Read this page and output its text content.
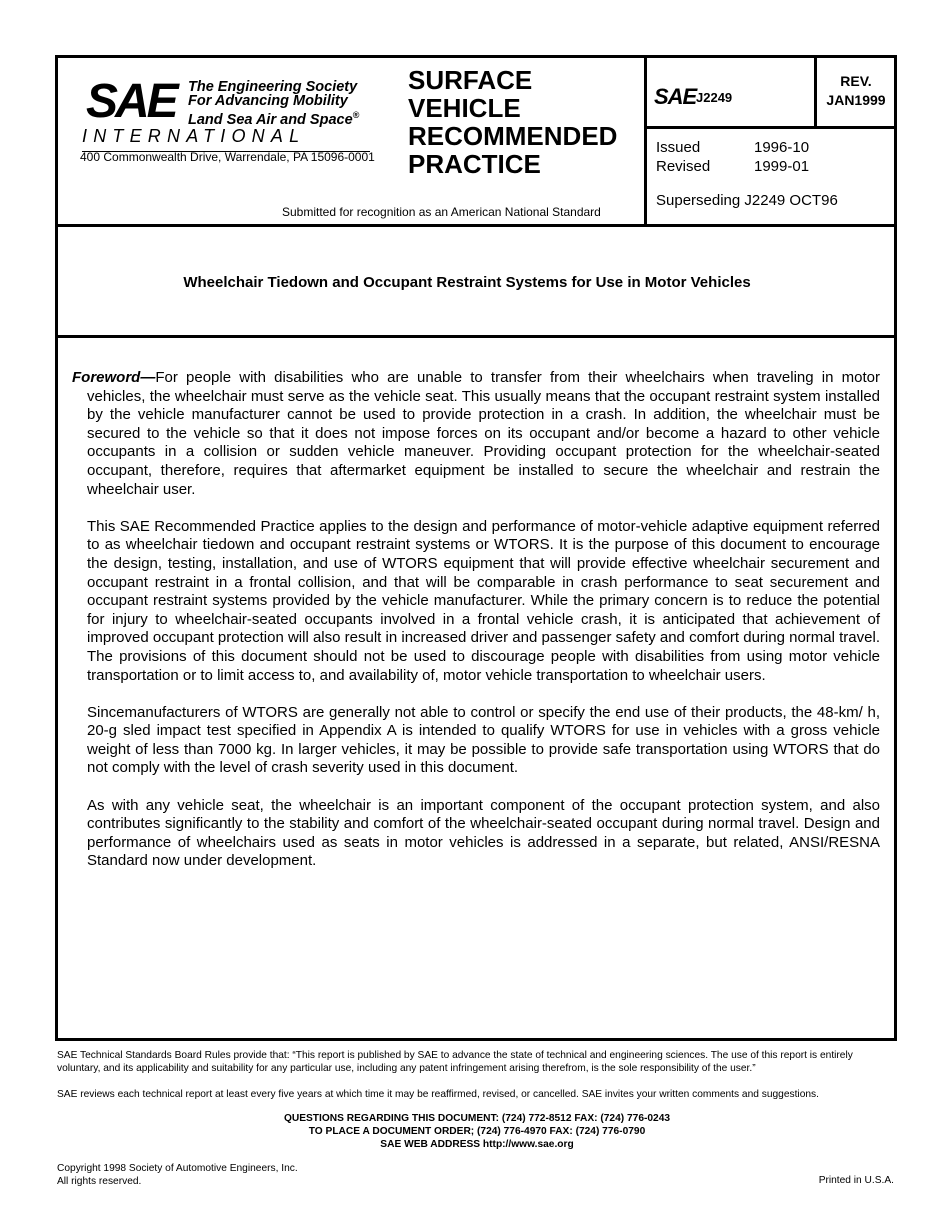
SAE The Engineering Society
For Advancing Mobility
Land Sea Air and Space®
INTERNATIONAL
400 Commonwealth Drive, Warrendale, PA 15096-0001
SURFACE
VEHICLE
RECOMMENDED
PRACTICE
Submitted for recognition as an American National Standard
SAE J2249
REV.
JAN1999
Issued	1996-10
Revised	1999-01
Superseding J2249 OCT96
Wheelchair Tiedown and Occupant Restraint Systems for Use in Motor Vehicles

Foreword—For people with disabilities who are unable to transfer from their wheelchairs when traveling in motor vehicles, the wheelchair must serve as the vehicle seat. This usually means that the occupant restraint system installed by the vehicle manufacturer cannot be used to provide protection in a crash. In addition, the wheelchair must be secured to the vehicle so that it does not impose forces on its occupant and/or become a hazard to other vehicle occupants in a collision or sudden vehicle maneuver. Providing occupant protection for the wheelchair-seated occupant, therefore, requires that aftermarket equipment be installed to secure the wheelchair and restrain the wheelchair user.

This SAE Recommended Practice applies to the design and performance of motor-vehicle adaptive equipment referred to as wheelchair tiedown and occupant restraint systems or WTORS. It is the purpose of this document to encourage the design, testing, installation, and use of WTORS equipment that will provide effective wheelchair securement and occupant restraint in a frontal collision, and that will be comparable in crash performance to seat securement and occupant restraint systems provided by the vehicle manufacturer. While the primary concern is to reduce the potential for injury to wheelchair-seated occupants involved in a frontal vehicle crash, it is anticipated that achievement of improved occupant protection will also result in increased driver and passenger safety and comfort during normal travel. The provisions of this document should not be used to discourage people with disabilities from using motor vehicle transportation or to limit access to, and availability of, motor vehicle transportation to wheelchair users.

Sincemanufacturers of WTORS are generally not able to control or specify the end use of their products, the 48-km/ h, 20-g sled impact test specified in Appendix A is intended to qualify WTORS for use in vehicles with a gross vehicle weight of less than 7000 kg. In larger vehicles, it may be possible to provide safe transportation using WTORS that do not comply with the level of crash severity used in this document.

As with any vehicle seat, the wheelchair is an important component of the occupant protection system, and also contributes significantly to the stability and comfort of the wheelchair-seated occupant during normal travel. Design and performance of wheelchairs used as seats in motor vehicles is addressed in a separate, but related, ANSI/RESNA Standard now under development.

SAE Technical Standards Board Rules provide that: “This report is published by SAE to advance the state of technical and engineering sciences. The use of this report is entirely voluntary, and its applicability and suitability for any particular use, including any patent infringement arising therefrom, is the sole responsibility of the user.”
SAE reviews each technical report at least every five years at which time it may be reaffirmed, revised, or cancelled. SAE invites your written comments and suggestions.
QUESTIONS REGARDING THIS DOCUMENT: (724) 772-8512 FAX: (724) 776-0243
TO PLACE A DOCUMENT ORDER; (724) 776-4970 FAX: (724) 776-0790
SAE WEB ADDRESS http://www.sae.org
Copyright 1998 Society of Automotive Engineers, Inc.
All rights reserved.	Printed in U.S.A.
